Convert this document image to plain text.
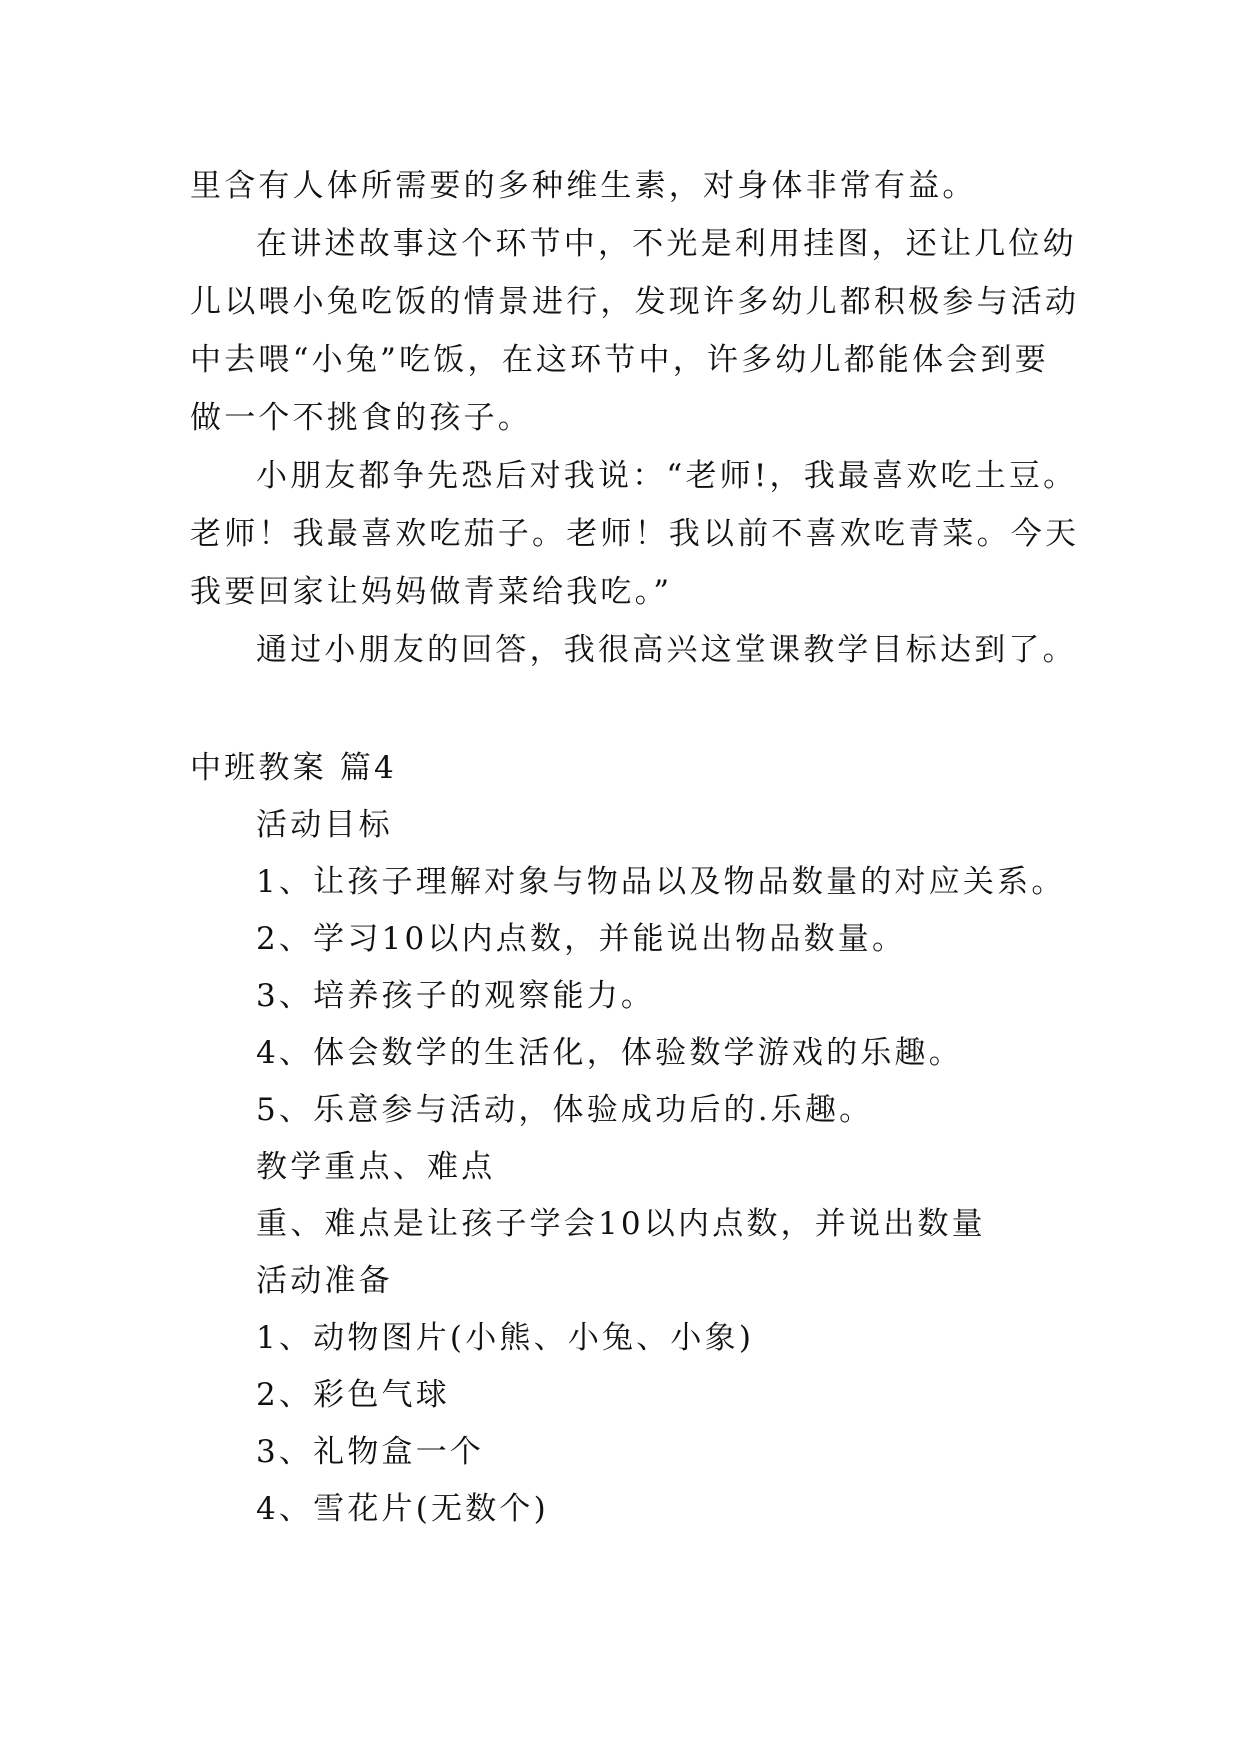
里含有人体所需要的多种维生素，对身体非常有益。
在讲述故事这个环节中，不光是利用挂图，还让几位幼
儿以喂小兔吃饭的情景进行，发现许多幼儿都积极参与活动
中去喂“小兔”吃饭，在这环节中，许多幼儿都能体会到要
做一个不挑食的孩子。
小朋友都争先恐后对我说：“老师!，我最喜欢吃土豆。
老师！我最喜欢吃茄子。老师！我以前不喜欢吃青菜。今天
我要回家让妈妈做青菜给我吃。”
通过小朋友的回答，我很高兴这堂课教学目标达到了。
中班教案 篇4
活动目标
1、让孩子理解对象与物品以及物品数量的对应关系。
2、学习10以内点数，并能说出物品数量。
3、培养孩子的观察能力。
4、体会数学的生活化，体验数学游戏的乐趣。
5、乐意参与活动，体验成功后的.乐趣。
教学重点、难点
重、难点是让孩子学会10以内点数，并说出数量
活动准备
1、动物图片(小熊、小兔、小象)
2、彩色气球
3、礼物盒一个
4、雪花片(无数个)
